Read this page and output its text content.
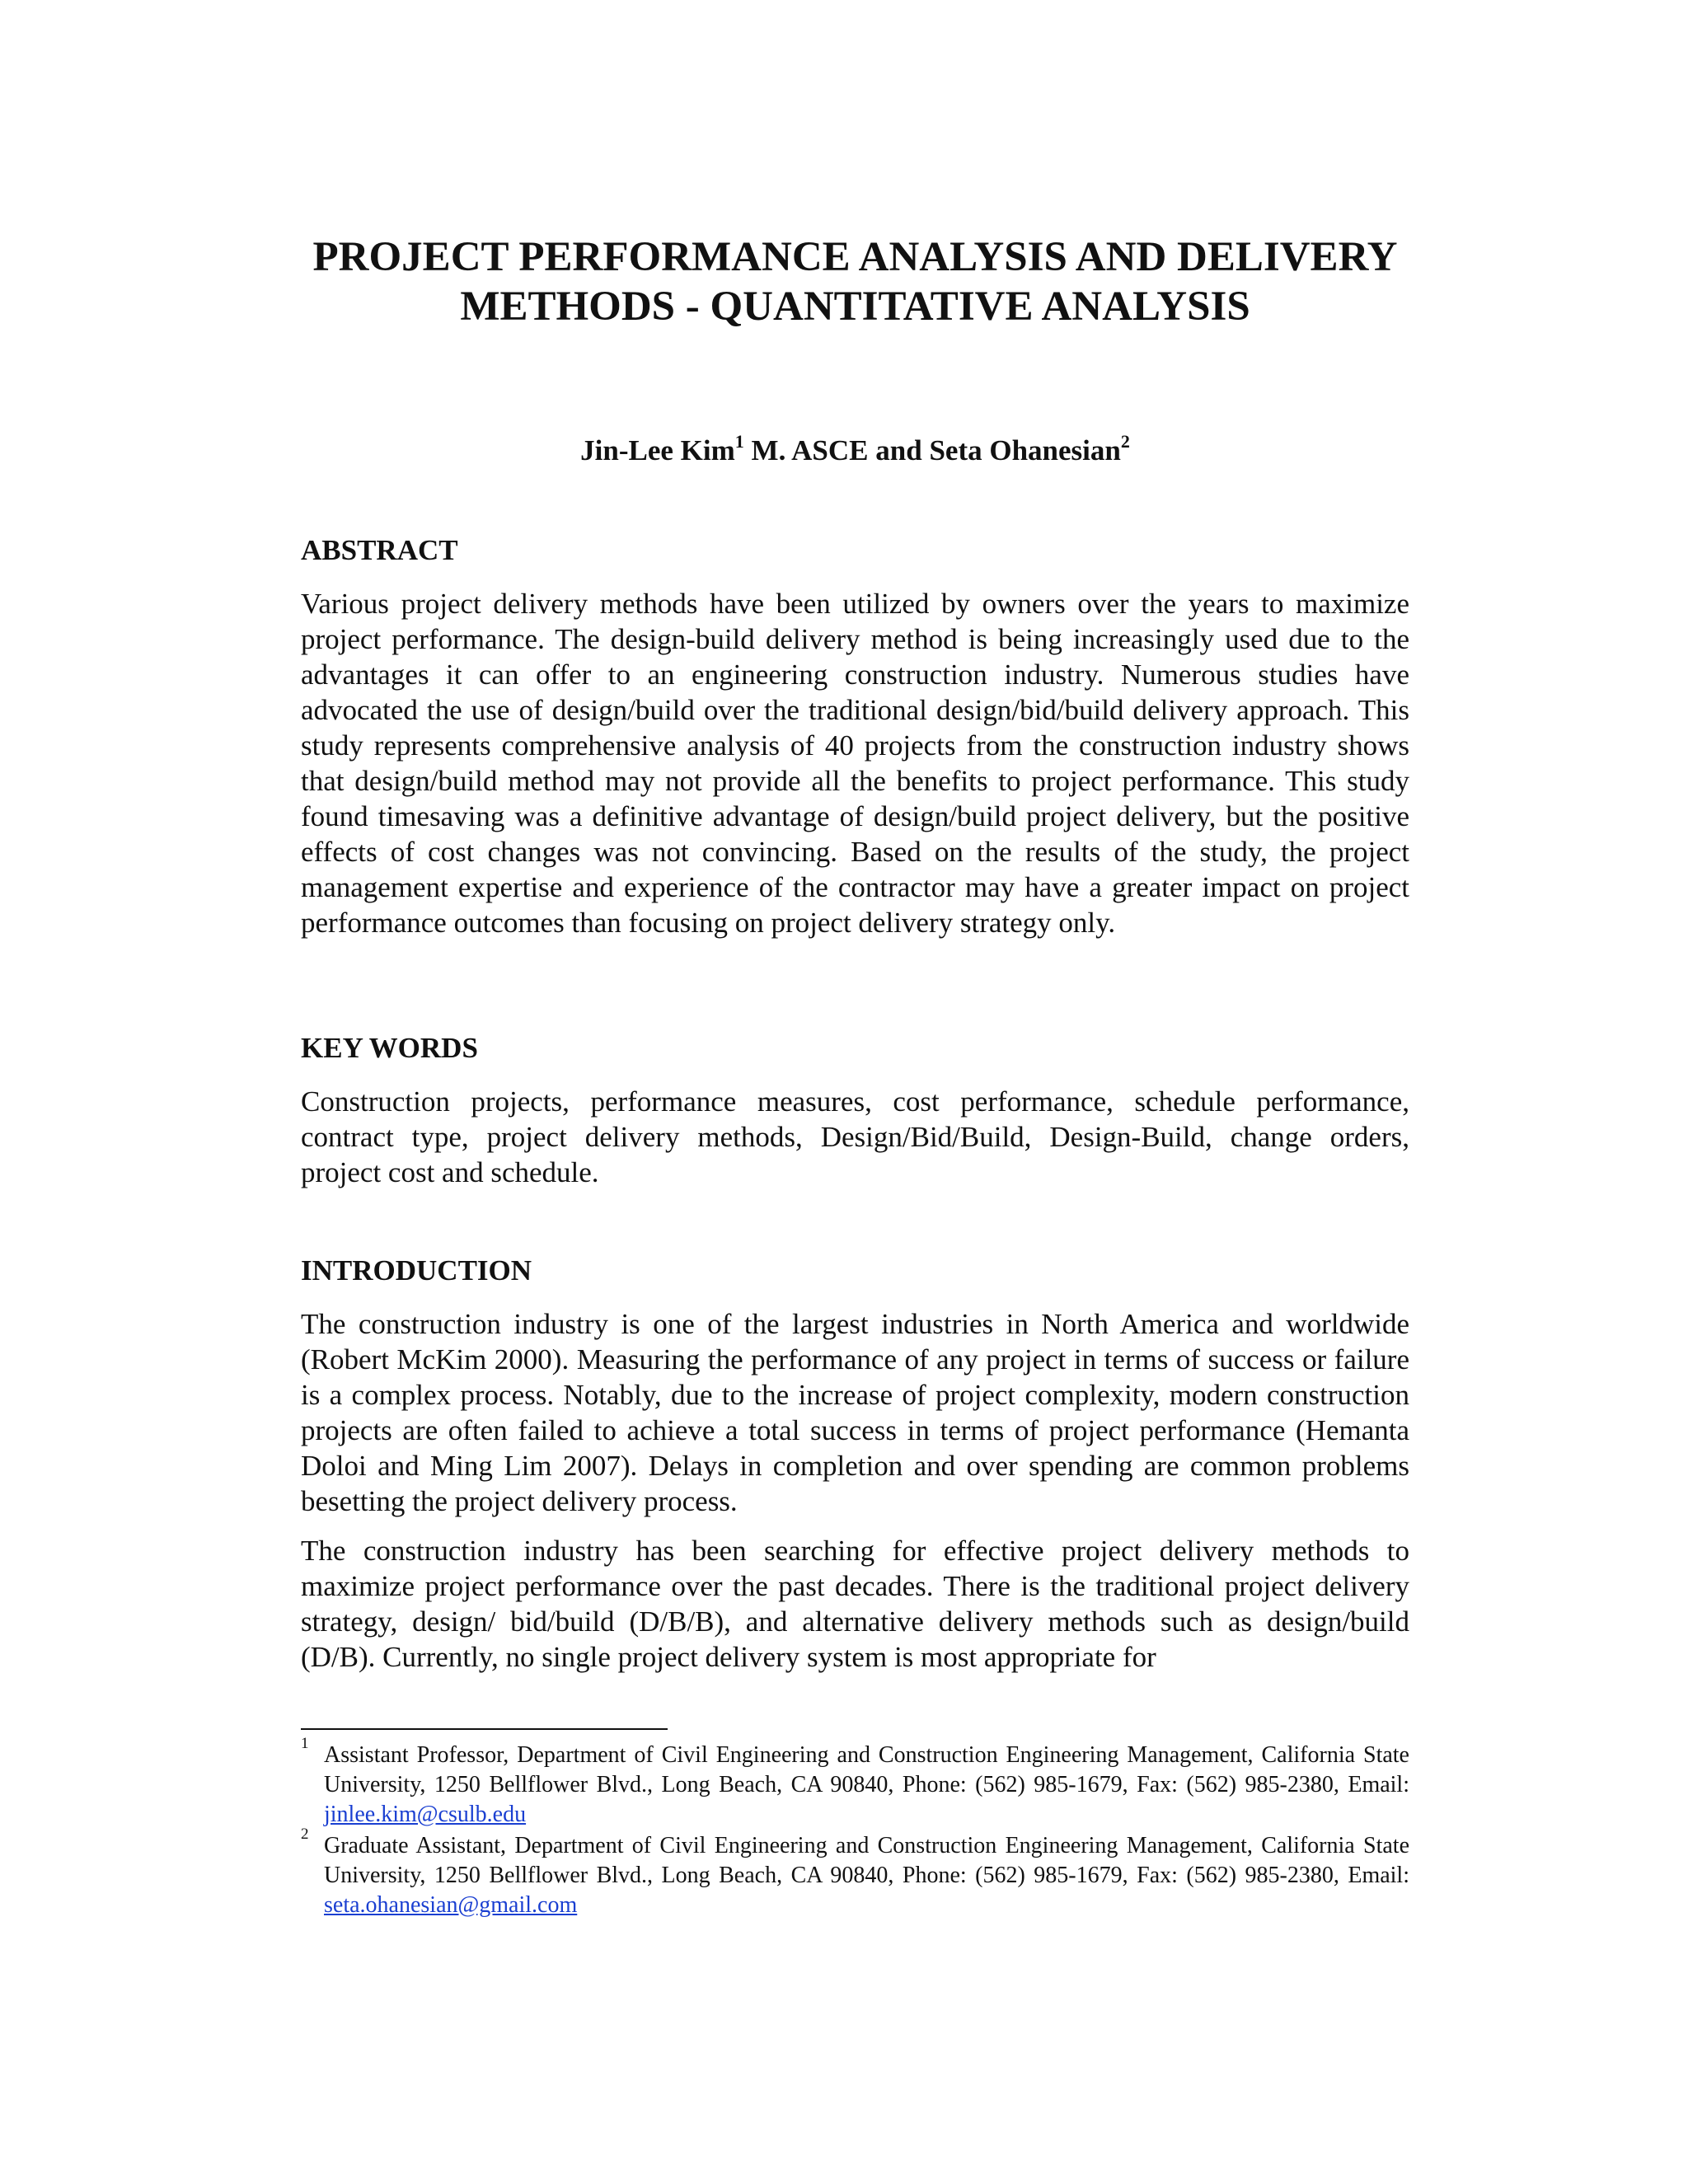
PROJECT PERFORMANCE ANALYSIS AND DELIVERY METHODS - QUANTITATIVE ANALYSIS

Jin-Lee Kim$^1$ M. ASCE and Seta Ohanesian$^2$

ABSTRACT

Various project delivery methods have been utilized by owners over the years to maximize project performance. The design-build delivery method is being increasingly used due to the advantages it can offer to an engineering construction industry. Numerous studies have advocated the use of design/build over the traditional design/bid/build delivery approach. This study represents comprehensive analysis of 40 projects from the construction industry shows that design/build method may not provide all the benefits to project performance. This study found timesaving was a definitive advantage of design/build project delivery, but the positive effects of cost changes was not convincing. Based on the results of the study, the project management expertise and experience of the contractor may have a greater impact on project performance outcomes than focusing on project delivery strategy only.

KEY WORDS

Construction projects, performance measures, cost performance, schedule performance, contract type, project delivery methods, Design/Bid/Build, Design-Build, change orders, project cost and schedule.

INTRODUCTION

The construction industry is one of the largest industries in North America and worldwide (Robert McKim 2000). Measuring the performance of any project in terms of success or failure is a complex process. Notably, due to the increase of project complexity, modern construction projects are often failed to achieve a total success in terms of project performance (Hemanta Doloi and Ming Lim 2007). Delays in completion and over spending are common problems besetting the project delivery process.

The construction industry has been searching for effective project delivery methods to maximize project performance over the past decades. There is the traditional project delivery strategy, design/ bid/build (D/B/B), and alternative delivery methods such as design/build (D/B). Currently, no single project delivery system is most appropriate for

1 Assistant Professor, Department of Civil Engineering and Construction Engineering Management, California State University, 1250 Bellflower Blvd., Long Beach, CA 90840, Phone: (562) 985-1679, Fax: (562) 985-2380, Email: jinlee.kim@csulb.edu
2 Graduate Assistant, Department of Civil Engineering and Construction Engineering Management, California State University, 1250 Bellflower Blvd., Long Beach, CA 90840, Phone: (562) 985-1679, Fax: (562) 985-2380, Email: seta.ohanesian@gmail.com
